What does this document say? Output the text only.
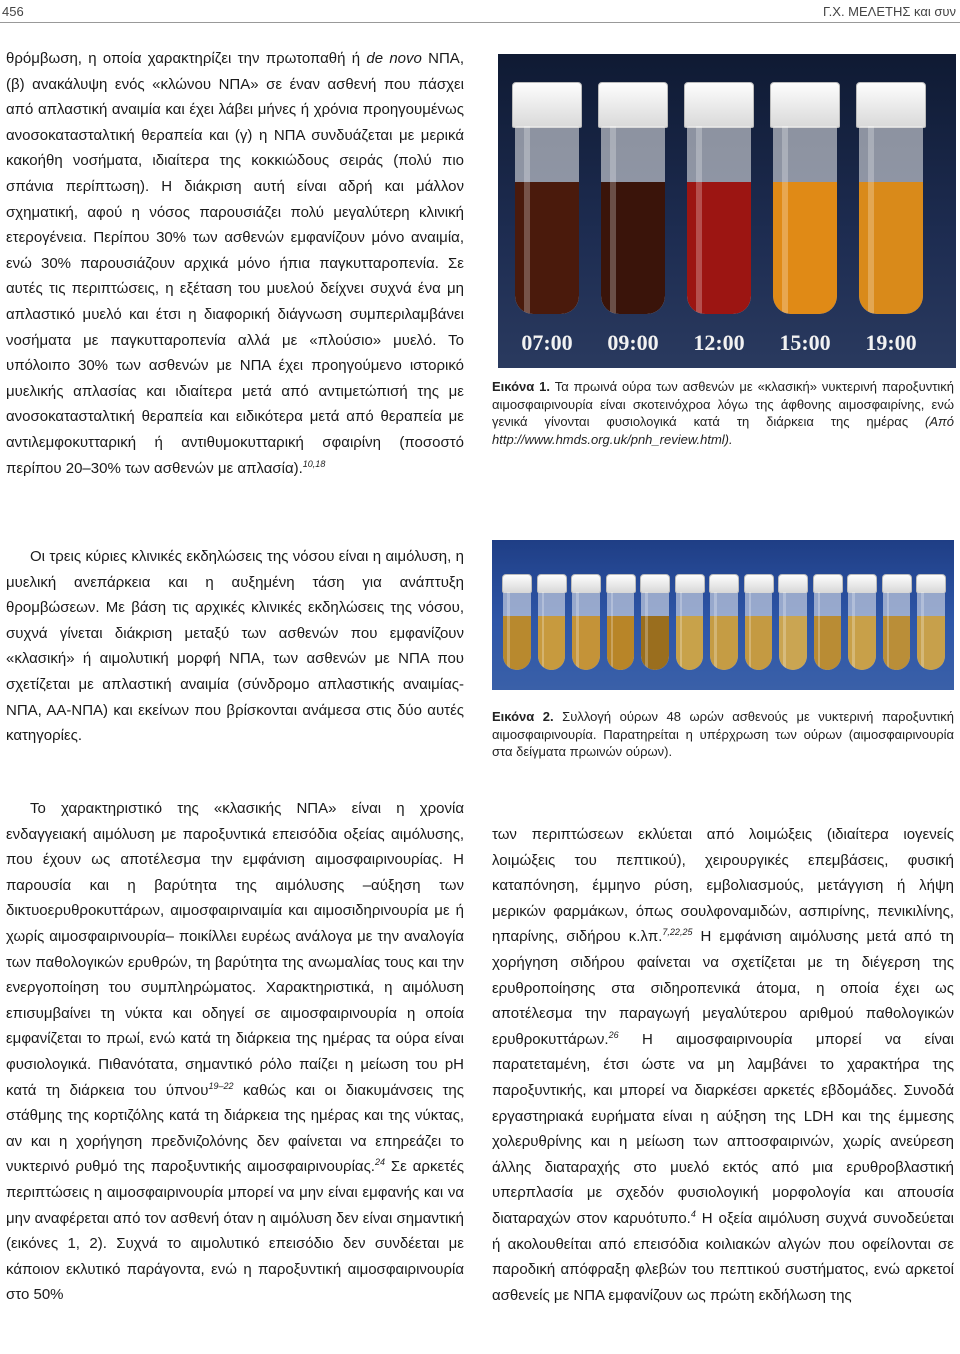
456	Γ.Χ. ΜΕΛΕΤΗΣ και συν

θρόμβωση, η οποία χαρακτηρίζει την πρωτοπαθή ή de novo ΝΠΑ, (β) ανακάλυψη ενός «κλώνου ΝΠΑ» σε έναν ασθενή που πάσχει από απλαστική αναιμία και έχει λάβει μήνες ή χρόνια προηγουμένως ανοσοκατασταλτική θεραπεία και (γ) η ΝΠΑ συνδυάζεται με μερικά κακοήθη νοσήματα, ιδιαίτερα της κοκκιώδους σειράς (πολύ πιο σπάνια περίπτωση). Η διάκριση αυτή είναι αδρή και μάλλον σχηματική, αφού η νόσος παρουσιάζει πολύ μεγαλύτερη κλινική ετερογένεια. Περίπου 30% των ασθενών εμφανίζουν μόνο αναιμία, ενώ 30% παρουσιάζουν αρχικά μόνο ήπια παγκυτταροπενία. Σε αυτές τις περιπτώσεις, η εξέταση του μυελού δείχνει συχνά ένα μη απλαστικό μυελό και έτσι η διαφορική διάγνωση συμπεριλαμβάνει νοσήματα με παγκυτταροπενία αλλά με «πλούσιο» μυελό. Το υπόλοιπο 30% των ασθενών με ΝΠΑ έχει προηγούμενο ιστορικό μυελικής απλασίας και ιδιαίτερα μετά από αντιμετώπισή της με ανοσοκατασταλτική θεραπεία και ειδικότερα μετά από θεραπεία με αντιλεμφοκυτταρική ή αντιθυμοκυτταρική σφαιρίνη (ποσοστό περίπου 20‒30% των ασθενών με απλασία).$^{10,18}$

Οι τρεις κύριες κλινικές εκδηλώσεις της νόσου είναι η αιμόλυση, η μυελική ανεπάρκεια και η αυξημένη τάση για ανάπτυξη θρομβώσεων. Με βάση τις αρχικές κλινικές εκδηλώσεις της νόσου, συχνά γίνεται διάκριση μεταξύ των ασθενών που εμφανίζουν «κλασική» ή αιμολυτική μορφή ΝΠΑ, των ασθενών με ΝΠΑ που σχετίζεται με απλαστική αναιμία (σύνδρομο απλαστικής αναιμίας-ΝΠΑ, ΑΑ-ΝΠΑ) και εκείνων που βρίσκονται ανάμεσα στις δύο αυτές κατηγορίες.

Το χαρακτηριστικό της «κλασικής ΝΠΑ» είναι η χρονία ενδαγγειακή αιμόλυση με παροξυντικά επεισόδια οξείας αιμόλυσης, που έχουν ως αποτέλεσμα την εμφάνιση αιμοσφαιρινουρίας. Η παρουσία και η βαρύτητα της αιμόλυσης ‒αύξηση των δικτυοερυθροκυττάρων, αιμοσφαιριναιμία και αιμοσιδηρινουρία με ή χωρίς αιμοσφαιρινουρία‒ ποικίλλει ευρέως ανάλογα με την αναλογία των παθολογικών ερυθρών, τη βαρύτητα της ανωμαλίας τους και την ενεργοποίηση του συμπληρώματος. Χαρακτηριστικά, η αιμόλυση επισυμβαίνει τη νύκτα και οδηγεί σε αιμοσφαιρινουρία η οποία εμφανίζεται το πρωί, ενώ κατά τη διάρκεια της ημέρας τα ούρα είναι φυσιολογικά. Πιθανότατα, σημαντικό ρόλο παίζει η μείωση του pH κατά τη διάρκεια του ύπνου$^{19‒22}$ καθώς και οι διακυμάνσεις της στάθμης της κορτιζόλης κατά τη διάρκεια της ημέρας και της νύκτας, αν και η χορήγηση πρεδνιζολόνης δεν φαίνεται να επηρεάζει το νυκτερινό ρυθμό της παροξυντικής αιμοσφαιρινουρίας.$^{24}$ Σε αρκετές περιπτώσεις η αιμοσφαιρινουρία μπορεί να μην είναι εμφανής και να μην αναφέρεται από τον ασθενή όταν η αιμόλυση δεν είναι σημαντική (εικόνες 1, 2). Συχνά το αιμολυτικό επεισόδιο δεν συνδέεται με κάποιον εκλυτικό παράγοντα, ενώ η παροξυντική αιμοσφαιρινουρία στο 50%

07:00	09:00	12:00	15:00	19:00

Εικόνα 1. Τα πρωινά ούρα των ασθενών με «κλασική» νυκτερινή παροξυντική αιμοσφαιρινουρία είναι σκοτεινόχροα λόγω της άφθονης αιμοσφαιρίνης, ενώ γενικά γίνονται φυσιολογικά κατά τη διάρκεια της ημέρας (Από http://www.hmds.org.uk/pnh_review.html).

Εικόνα 2. Συλλογή ούρων 48 ωρών ασθενούς με νυκτερινή παροξυντική αιμοσφαιρινουρία. Παρατηρείται η υπέρχρωση των ούρων (αιμοσφαιρινουρία στα δείγματα πρωινών ούρων).

των περιπτώσεων εκλύεται από λοιμώξεις (ιδιαίτερα ιογενείς λοιμώξεις του πεπτικού), χειρουργικές επεμβάσεις, φυσική καταπόνηση, έμμηνο ρύση, εμβολιασμούς, μετάγγιση ή λήψη μερικών φαρμάκων, όπως σουλφοναμιδών, ασπιρίνης, πενικιλίνης, ηπαρίνης, σιδήρου κ.λπ.$^{7,22,25}$ Η εμφάνιση αιμόλυσης μετά από τη χορήγηση σιδήρου φαίνεται να σχετίζεται με τη διέγερση της ερυθροποίησης στα σιδηροπενικά άτομα, η οποία έχει ως αποτέλεσμα την παραγωγή μεγαλύτερου αριθμού παθολογικών ερυθροκυττάρων.$^{26}$ Η αιμοσφαιρινουρία μπορεί να είναι παρατεταμένη, έτσι ώστε να μη λαμβάνει το χαρακτήρα της παροξυντικής, και μπορεί να διαρκέσει αρκετές εβδομάδες. Συνοδά εργαστηριακά ευρήματα είναι η αύξηση της LDH και της έμμεσης χολερυθρίνης και η μείωση των απτοσφαιρινών, χωρίς ανεύρεση άλλης διαταραχής στο μυελό εκτός από μια ερυθροβλαστική υπερπλασία με σχεδόν φυσιολογική μορφολογία και απουσία διαταραχών στον καρυότυπο.$^4$ Η οξεία αιμόλυση συχνά συνοδεύεται ή ακολουθείται από επεισόδια κοιλιακών αλγών που οφείλονται σε παροδική απόφραξη φλεβών του πεπτικού συστήματος, ενώ αρκετοί ασθενείς με ΝΠΑ εμφανίζουν ως πρώτη εκδήλωση της
